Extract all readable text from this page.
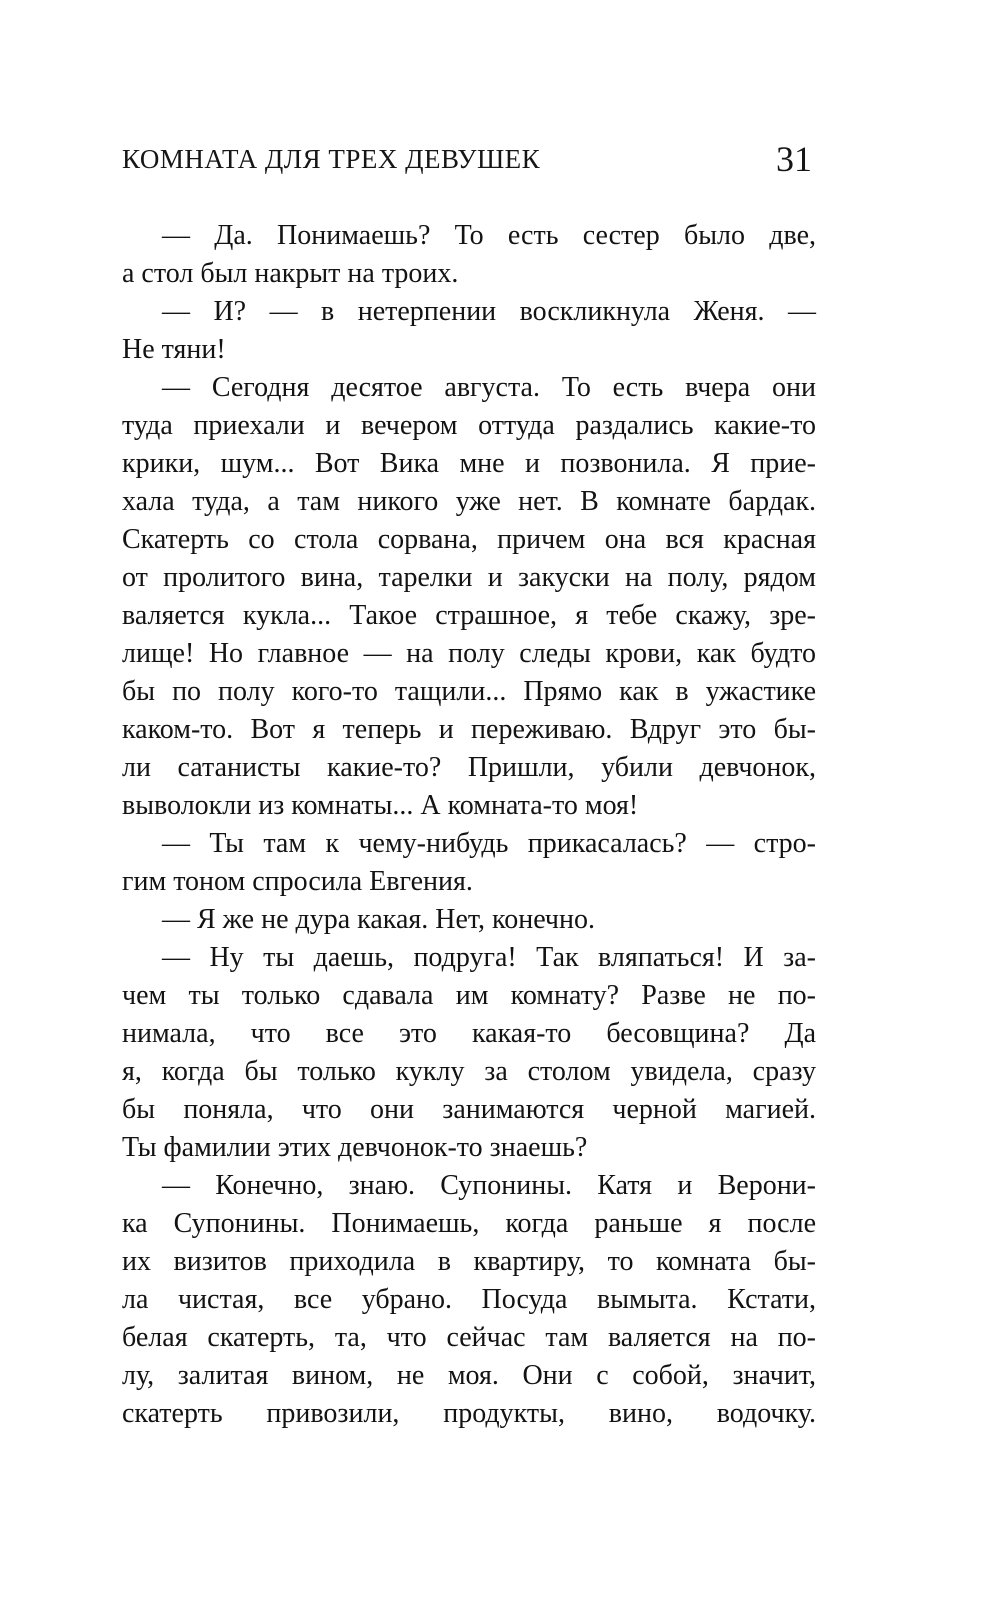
КОМНАТА ДЛЯ ТРЕХ ДЕВУШЕК	31
— Да. Понимаешь? То есть сестер было две,
а стол был накрыт на троих.
— И? — в нетерпении воскликнула Женя. —
Не тяни!
— Сегодня десятое августа. То есть вчера они
туда приехали и вечером оттуда раздались какие-то
крики, шум... Вот Вика мне и позвонила. Я прие-
хала туда, а там никого уже нет. В комнате бардак.
Скатерть со стола сорвана, причем она вся красная
от пролитого вина, тарелки и закуски на полу, рядом
валяется кукла... Такое страшное, я тебе скажу, зре-
лище! Но главное — на полу следы крови, как будто
бы по полу кого-то тащили... Прямо как в ужастике
каком-то. Вот я теперь и переживаю. Вдруг это бы-
ли сатанисты какие-то? Пришли, убили девчонок,
выволокли из комнаты... А комната-то моя!
— Ты там к чему-нибудь прикасалась? — стро-
гим тоном спросила Евгения.
— Я же не дура какая. Нет, конечно.
— Ну ты даешь, подруга! Так вляпаться! И за-
чем ты только сдавала им комнату? Разве не по-
нимала, что все это какая-то бесовщина? Да
я, когда бы только куклу за столом увидела, сразу
бы поняла, что они занимаются черной магией.
Ты фамилии этих девчонок-то знаешь?
— Конечно, знаю. Супонины. Катя и Верони-
ка Супонины. Понимаешь, когда раньше я после
их визитов приходила в квартиру, то комната бы-
ла чистая, все убрано. Посуда вымыта. Кстати,
белая скатерть, та, что сейчас там валяется на по-
лу, залитая вином, не моя. Они с собой, значит,
скатерть привозили, продукты, вино, водочку.
